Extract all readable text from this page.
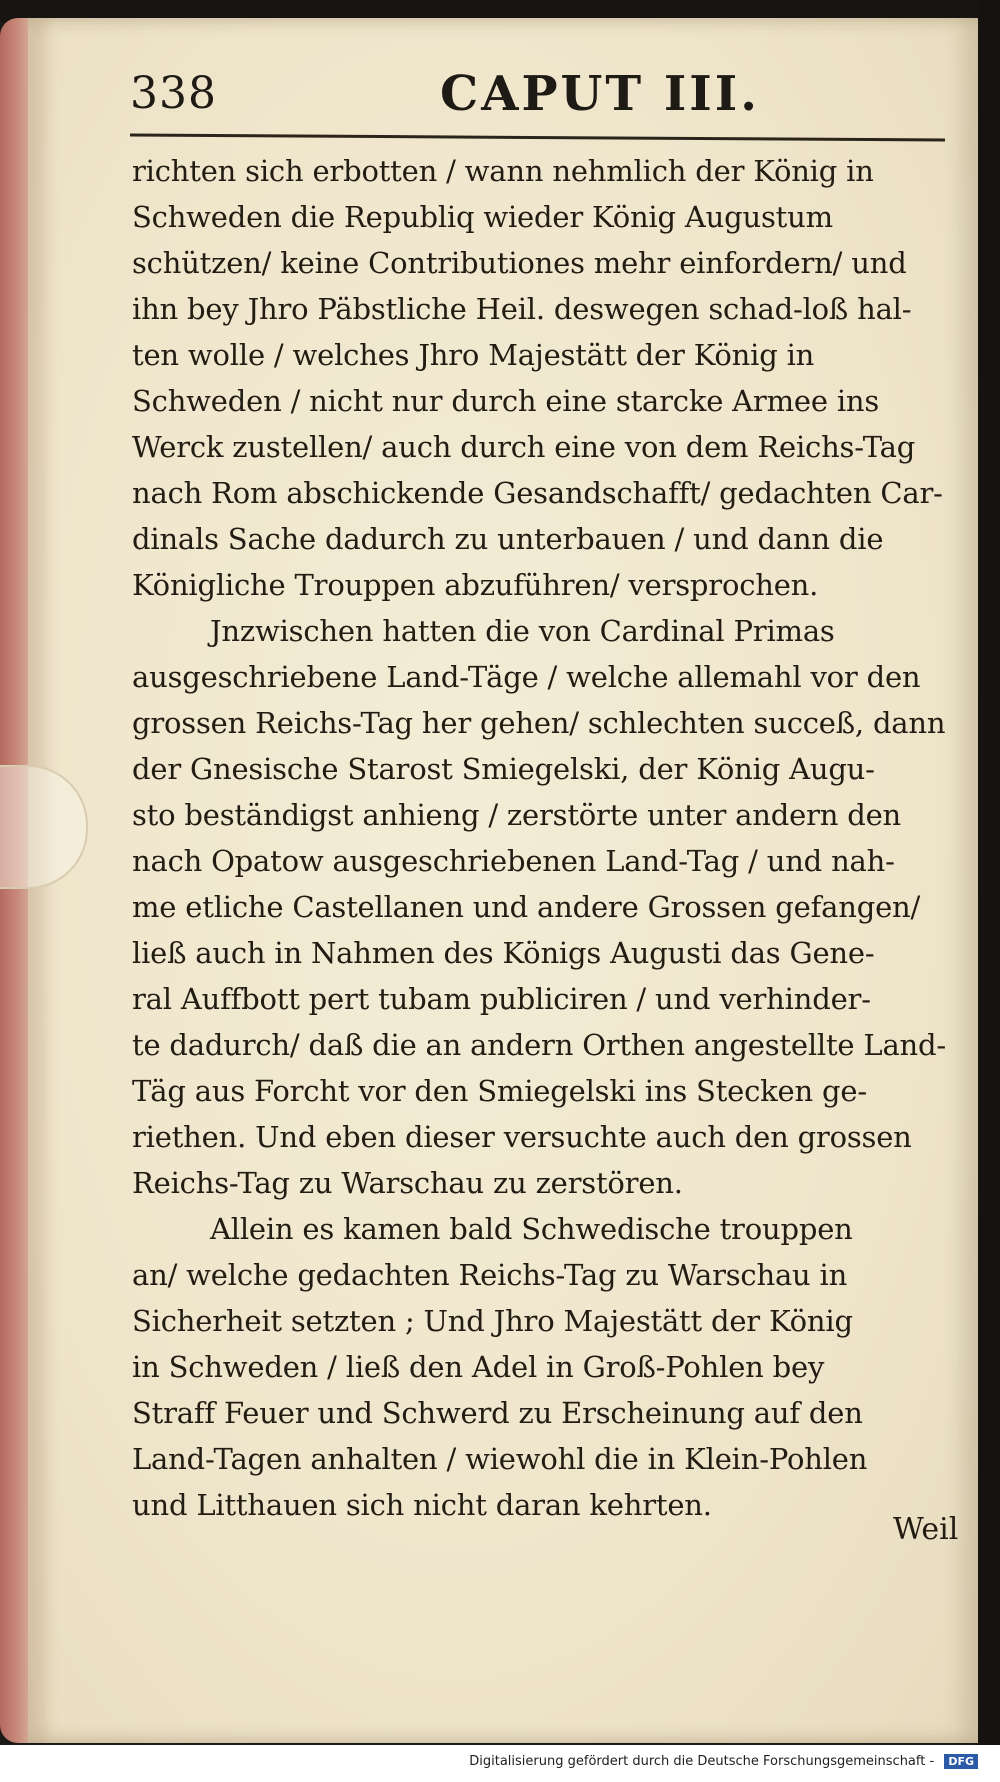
338	CAPUT III.
richten sich erbotten / wann nehmlich der König in
Schweden die Republiq wieder König Augustum
schützen/ keine Contributiones mehr einfordern/ und
ihn bey Jhro Päbstliche Heil. deswegen schad-loß hal-
ten wolle / welches Jhro Majestätt der König in
Schweden / nicht nur durch eine starcke Armee ins
Werck zustellen/ auch durch eine von dem Reichs-Tag
nach Rom abschickende Gesandschafft/ gedachten Car-
dinals Sache dadurch zu unterbauen / und dann die
Königliche Trouppen abzuführen/ versprochen.
Jnzwischen hatten die von Cardinal Primas
ausgeschriebene Land-Täge / welche allemahl vor den
grossen Reichs-Tag her gehen/ schlechten succeß, dann
der Gnesische Starost Smiegelski, der König Augu-
sto beständigst anhieng / zerstörte unter andern den
nach Opatow ausgeschriebenen Land-Tag / und nah-
me etliche Castellanen und andere Grossen gefangen/
ließ auch in Nahmen des Königs Augusti das Gene-
ral Auffbott pert tubam publiciren / und verhinder-
te dadurch/ daß die an andern Orthen angestellte Land-
Täg aus Forcht vor den Smiegelski ins Stecken ge-
riethen. Und eben dieser versuchte auch den grossen
Reichs-Tag zu Warschau zu zerstören.
Allein es kamen bald Schwedische trouppen
an/ welche gedachten Reichs-Tag zu Warschau in
Sicherheit setzten ; Und Jhro Majestätt der König
in Schweden / ließ den Adel in Groß-Pohlen bey
Straff Feuer und Schwerd zu Erscheinung auf den
Land-Tagen anhalten / wiewohl die in Klein-Pohlen
und Litthauen sich nicht daran kehrten.
Weil
Digitalisierung gefördert durch die Deutsche Forschungsgemeinschaft - DFG
